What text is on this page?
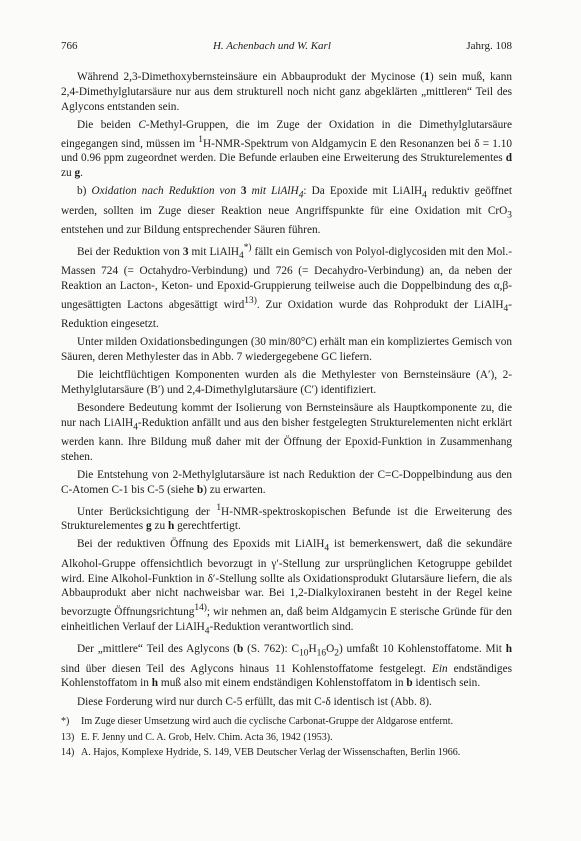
766	H. Achenbach und W. Karl	Jahrg. 108

Während 2,3-Dimethoxybernsteinsäure ein Abbauprodukt der Mycinose (1) sein muß, kann 2,4-Dimethylglutarsäure nur aus dem strukturell noch nicht ganz abgeklärten „mittleren“ Teil des Aglycons entstanden sein.

Die beiden C-Methyl-Gruppen, die im Zuge der Oxidation in die Dimethylglutarsäure eingegangen sind, müssen im $^1$H-NMR-Spektrum von Aldgamycin E den Resonanzen bei δ = 1.10 und 0.96 ppm zugeordnet werden. Die Befunde erlauben eine Erweiterung des Strukturelementes d zu g.

b) Oxidation nach Reduktion von 3 mit LiAlH$_4$: Da Epoxide mit LiAlH$_4$ reduktiv geöffnet werden, sollten im Zuge dieser Reaktion neue Angriffspunkte für eine Oxidation mit CrO$_3$ entstehen und zur Bildung entsprechender Säuren führen.

Bei der Reduktion von 3 mit LiAlH$_4$*) fällt ein Gemisch von Polyol-diglycosiden mit den Mol.-Massen 724 (= Octahydro-Verbindung) und 726 (= Decahydro-Verbindung) an, da neben der Reaktion an Lacton-, Keton- und Epoxid-Gruppierung teilweise auch die Doppelbindung des α,β-ungesättigten Lactons abgesättigt wird$^{13)}$. Zur Oxidation wurde das Rohprodukt der LiAlH$_4$-Reduktion eingesetzt.

Unter milden Oxidationsbedingungen (30 min/80°C) erhält man ein kompliziertes Gemisch von Säuren, deren Methylester das in Abb. 7 wiedergegebene GC liefern.

Die leichtflüchtigen Komponenten wurden als die Methylester von Bernsteinsäure (A′), 2-Methylglutarsäure (B′) und 2,4-Dimethylglutarsäure (C′) identifiziert.

Besondere Bedeutung kommt der Isolierung von Bernsteinsäure als Hauptkomponente zu, die nur nach LiAlH$_4$-Reduktion anfällt und aus den bisher festgelegten Strukturelementen nicht erklärt werden kann. Ihre Bildung muß daher mit der Öffnung der Epoxid-Funktion in Zusammenhang stehen.

Die Entstehung von 2-Methylglutarsäure ist nach Reduktion der C=C-Doppelbindung aus den C-Atomen C-1 bis C-5 (siehe b) zu erwarten.

Unter Berücksichtigung der $^1$H-NMR-spektroskopischen Befunde ist die Erweiterung des Strukturelementes g zu h gerechtfertigt.

Bei der reduktiven Öffnung des Epoxids mit LiAlH$_4$ ist bemerkenswert, daß die sekundäre Alkohol-Gruppe offensichtlich bevorzugt in γ′-Stellung zur ursprünglichen Ketogruppe gebildet wird. Eine Alkohol-Funktion in δ′-Stellung sollte als Oxidationsprodukt Glutarsäure liefern, die als Abbauprodukt aber nicht nachweisbar war. Bei 1,2-Dialkyloxiranen besteht in der Regel keine bevorzugte Öffnungsrichtung$^{14)}$; wir nehmen an, daß beim Aldgamycin E sterische Gründe für den einheitlichen Verlauf der LiAlH$_4$-Reduktion verantwortlich sind.

Der „mittlere“ Teil des Aglycons (b (S. 762): $C_{10}H_{16}O_2$) umfaßt 10 Kohlenstoffatome. Mit h sind über diesen Teil des Aglycons hinaus 11 Kohlenstoffatome festgelegt. Ein endständiges Kohlenstoffatom in h muß also mit einem endständigen Kohlenstoffatom in b identisch sein.

Diese Forderung wird nur durch C-5 erfüllt, das mit C-δ identisch ist (Abb. 8).

*)	Im Zuge dieser Umsetzung wird auch die cyclische Carbonat-Gruppe der Aldgarose entfernt.
13) E. F. Jenny und C. A. Grob, Helv. Chim. Acta 36, 1942 (1953).
14) A. Hajos, Komplexe Hydride, S. 149, VEB Deutscher Verlag der Wissenschaften, Berlin 1966.
